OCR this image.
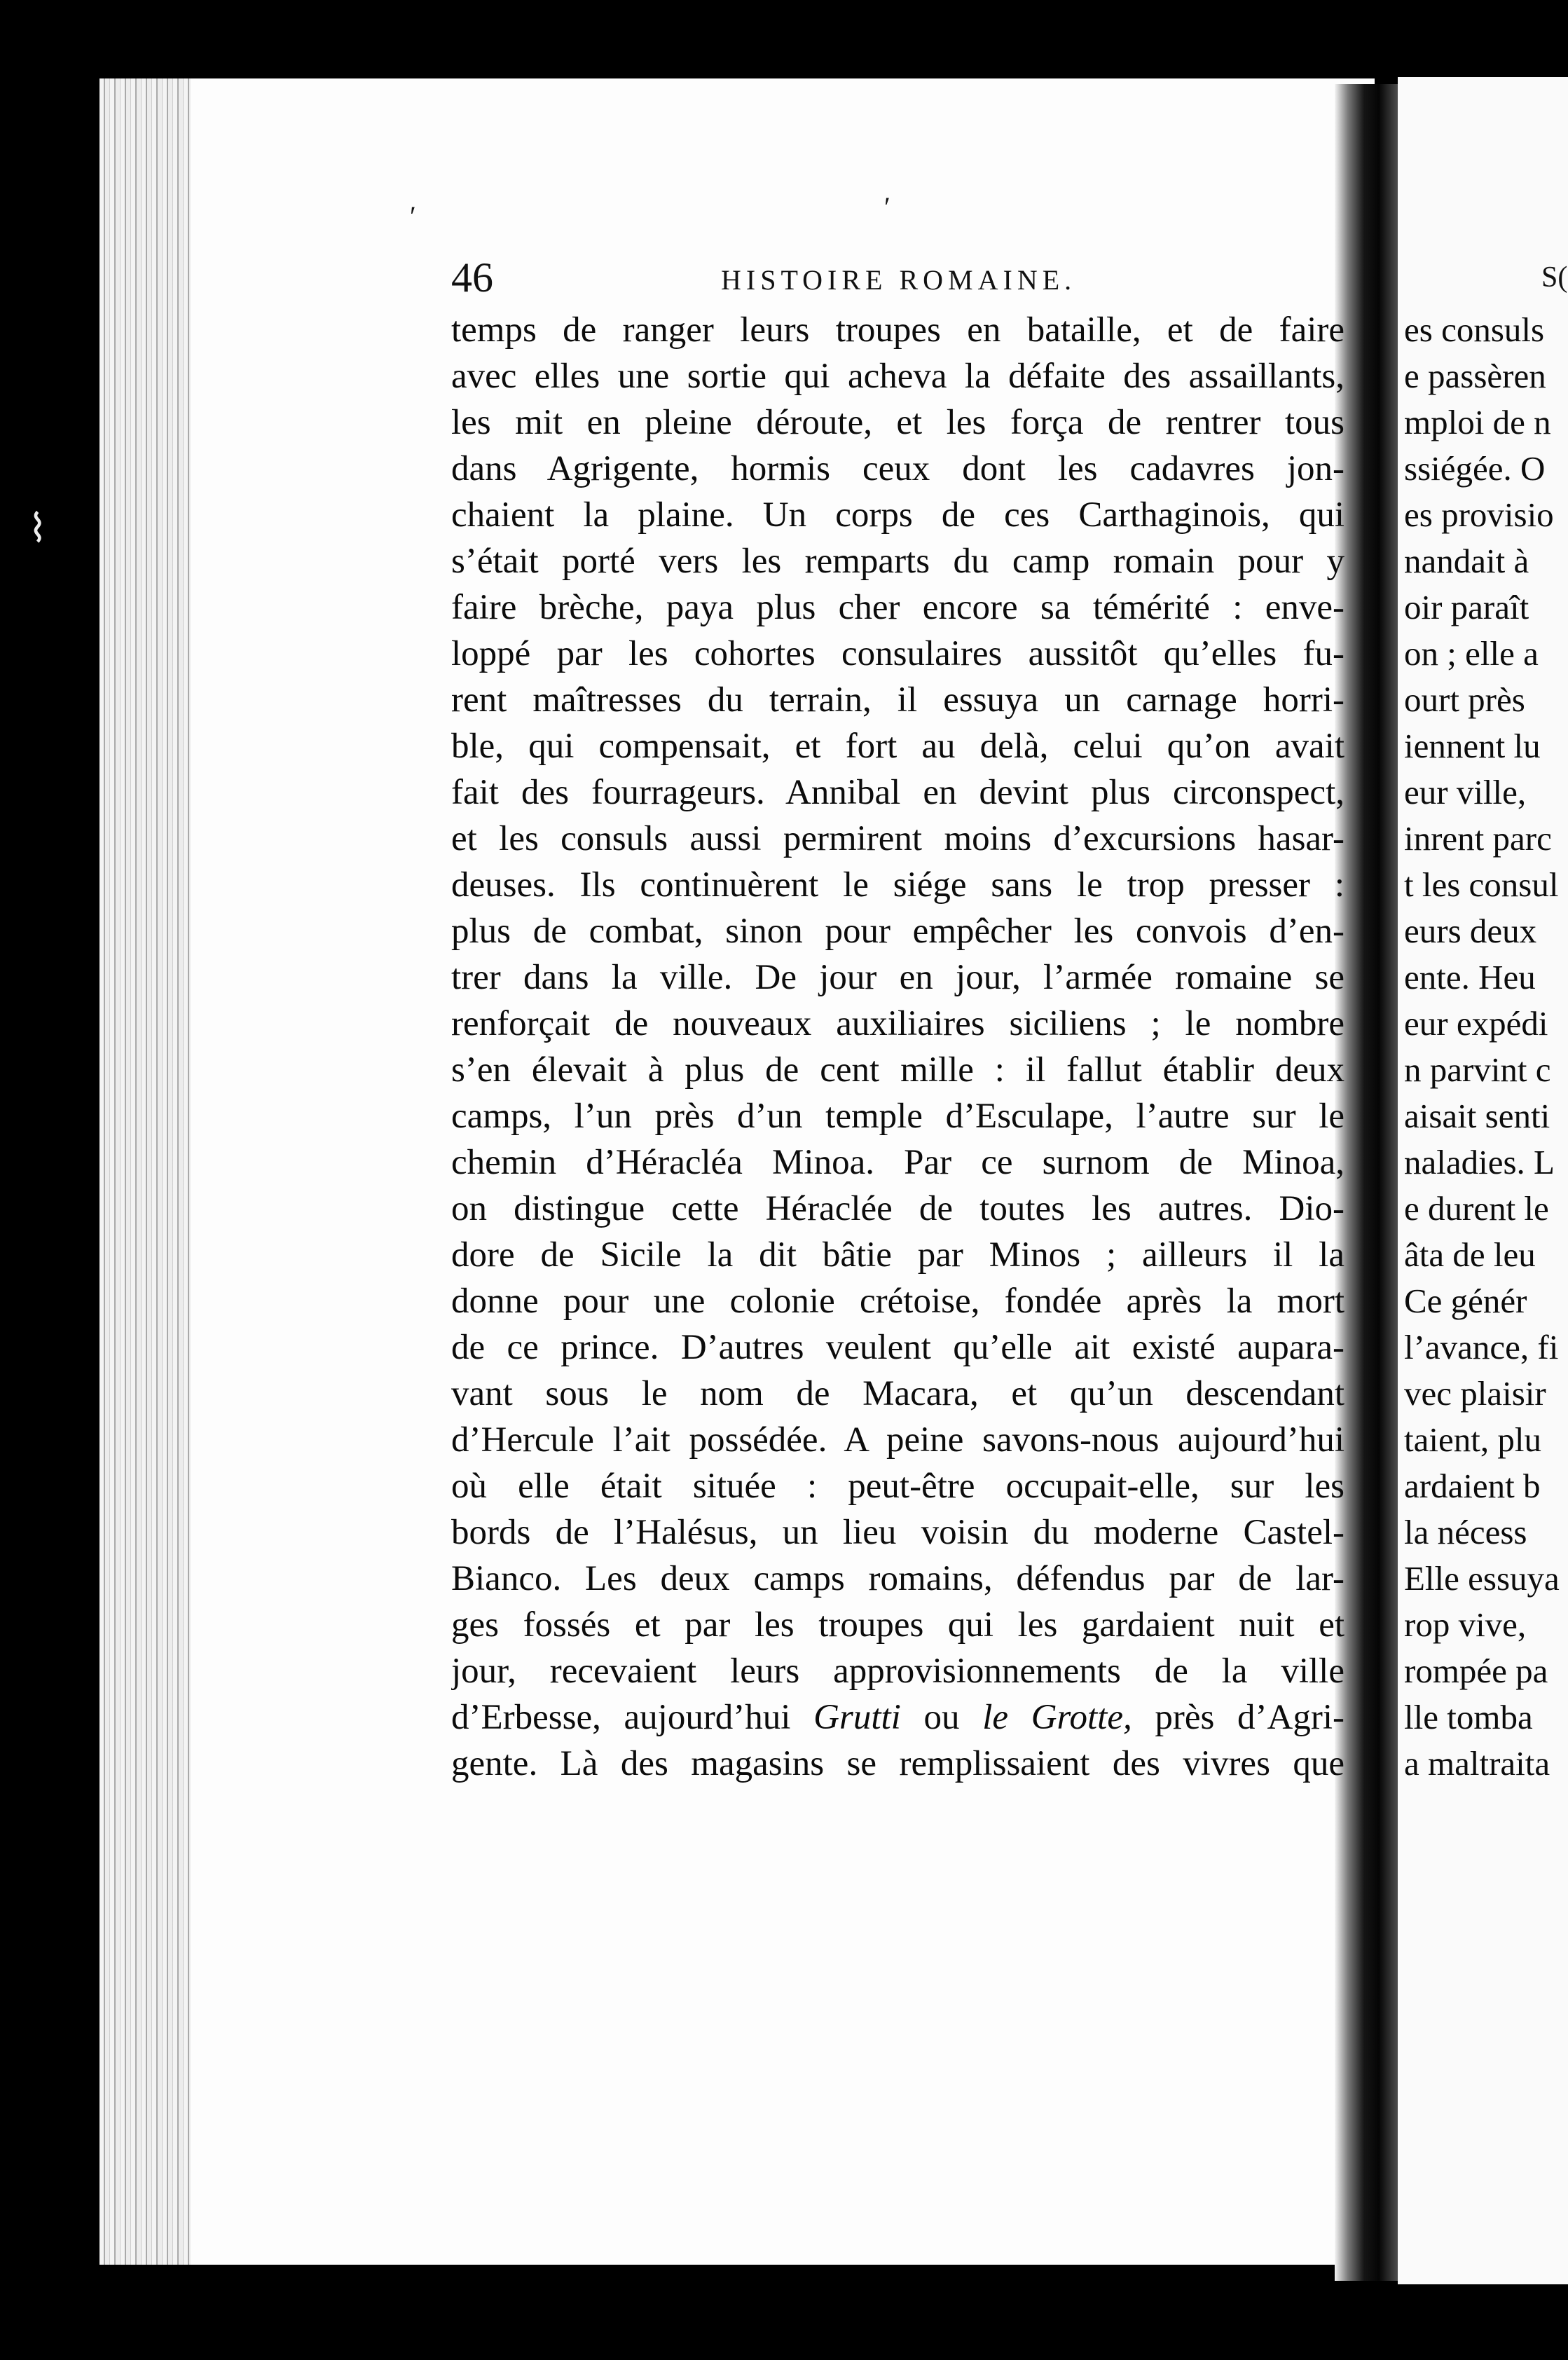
′	′
⌇
46	HISTOIRE ROMAINE.	S(
temps de ranger leurs troupes en bataille, et de faire
avec elles une sortie qui acheva la défaite des assaillants,
les mit en pleine déroute, et les força de rentrer tous
dans Agrigente, hormis ceux dont les cadavres jon-
chaient la plaine. Un corps de ces Carthaginois, qui
s’était porté vers les remparts du camp romain pour y
faire brèche, paya plus cher encore sa témérité : enve-
loppé par les cohortes consulaires aussitôt qu’elles fu-
rent maîtresses du terrain, il essuya un carnage horri-
ble, qui compensait, et fort au delà, celui qu’on avait
fait des fourrageurs. Annibal en devint plus circonspect,
et les consuls aussi permirent moins d’excursions hasar-
deuses. Ils continuèrent le siége sans le trop presser :
plus de combat, sinon pour empêcher les convois d’en-
trer dans la ville. De jour en jour, l’armée romaine se
renforçait de nouveaux auxiliaires siciliens ; le nombre
s’en élevait à plus de cent mille : il fallut établir deux
camps, l’un près d’un temple d’Esculape, l’autre sur le
chemin d’Héracléa Minoa. Par ce surnom de Minoa,
on distingue cette Héraclée de toutes les autres. Dio-
dore de Sicile la dit bâtie par Minos ; ailleurs il la
donne pour une colonie crétoise, fondée après la mort
de ce prince. D’autres veulent qu’elle ait existé aupara-
vant sous le nom de Macara, et qu’un descendant
d’Hercule l’ait possédée. A peine savons-nous aujourd’hui
où elle était située : peut-être occupait-elle, sur les
bords de l’Halésus, un lieu voisin du moderne Castel-
Bianco. Les deux camps romains, défendus par de lar-
ges fossés et par les troupes qui les gardaient nuit et
jour, recevaient leurs approvisionnements de la ville
d’Erbesse, aujourd’hui Grutti ou le Grotte, près d’Agri-
gente. Là des magasins se remplissaient des vivres que
es consuls
e passèren
mploi de n
ssiégée. O
es provisio
nandait à
oir paraît
on ; elle a
ourt près
iennent lu
eur ville,
inrent parc
t les consul
eurs deux
ente. Heu
eur expédi
n parvint c
aisait senti
naladies. L
e durent le
âta de leu
Ce génér
l’avance, fi
vec plaisir
taient, plu
ardaient b
la nécess
Elle essuya
rop vive,
rompée pa
lle tomba
a maltraita
